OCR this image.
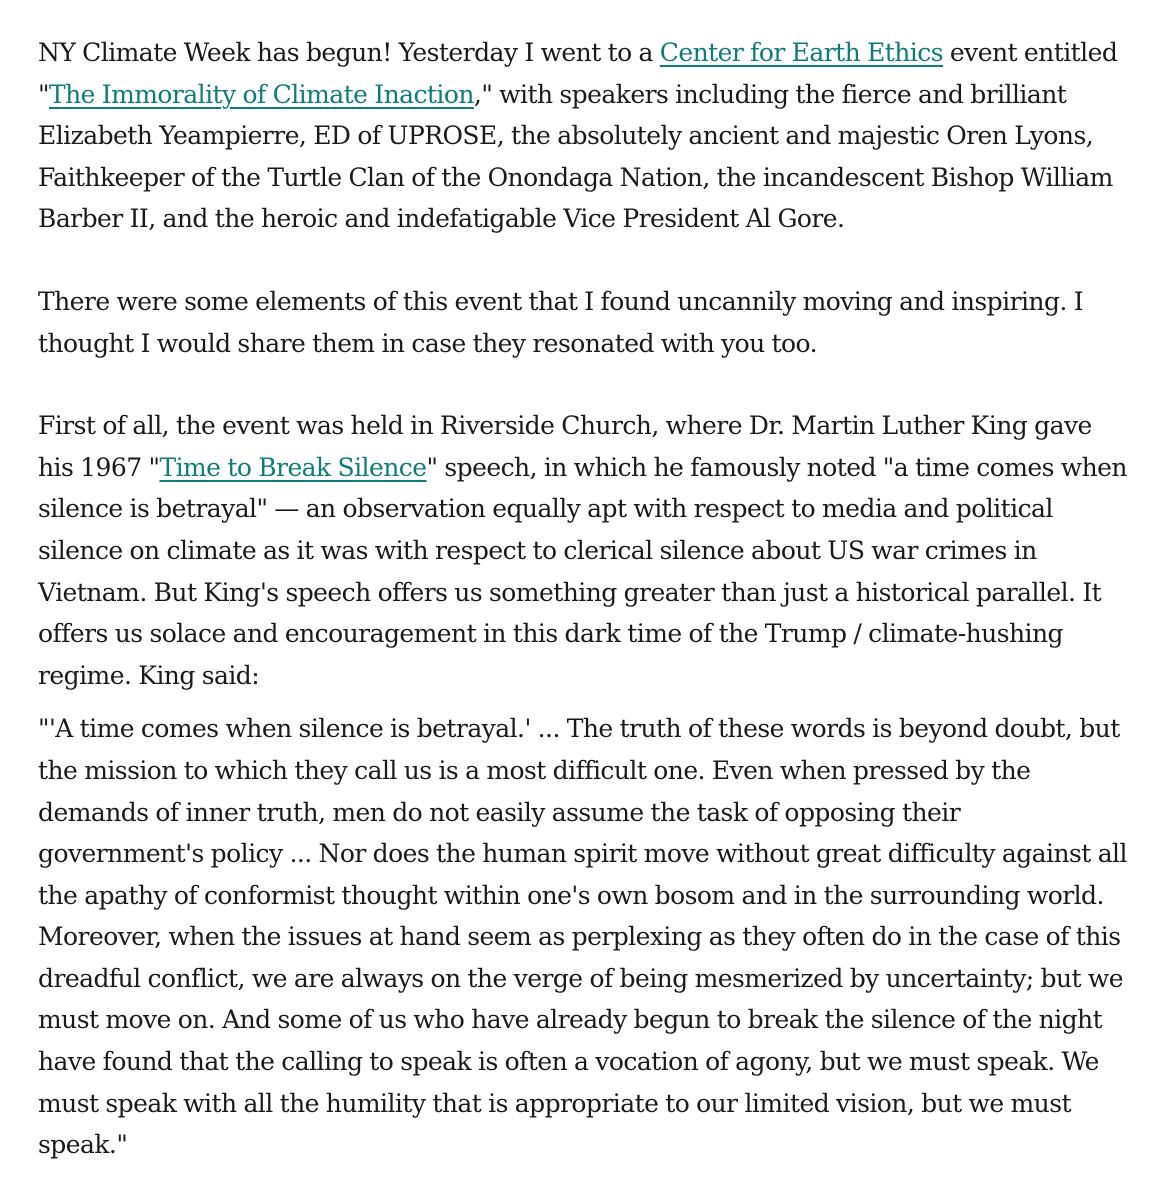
NY Climate Week has begun! Yesterday I went to a Center for Earth Ethics event entitled "The Immorality of Climate Inaction," with speakers including the fierce and brilliant Elizabeth Yeampierre, ED of UPROSE, the absolutely ancient and majestic Oren Lyons, Faithkeeper of the Turtle Clan of the Onondaga Nation, the incandescent Bishop William Barber II, and the heroic and indefatigable Vice President Al Gore.

There were some elements of this event that I found uncannily moving and inspiring. I thought I would share them in case they resonated with you too.

First of all, the event was held in Riverside Church, where Dr. Martin Luther King gave his 1967 "Time to Break Silence" speech, in which he famously noted "a time comes when silence is betrayal" — an observation equally apt with respect to media and political silence on climate as it was with respect to clerical silence about US war crimes in Vietnam. But King's speech offers us something greater than just a historical parallel. It offers us solace and encouragement in this dark time of the Trump / climate-hushing regime. King said:

"'A time comes when silence is betrayal.' ... The truth of these words is beyond doubt, but the mission to which they call us is a most difficult one. Even when pressed by the demands of inner truth, men do not easily assume the task of opposing their government's policy ... Nor does the human spirit move without great difficulty against all the apathy of conformist thought within one's own bosom and in the surrounding world. Moreover, when the issues at hand seem as perplexing as they often do in the case of this dreadful conflict, we are always on the verge of being mesmerized by uncertainty; but we must move on. And some of us who have already begun to break the silence of the night have found that the calling to speak is often a vocation of agony, but we must speak. We must speak with all the humility that is appropriate to our limited vision, but we must speak."
